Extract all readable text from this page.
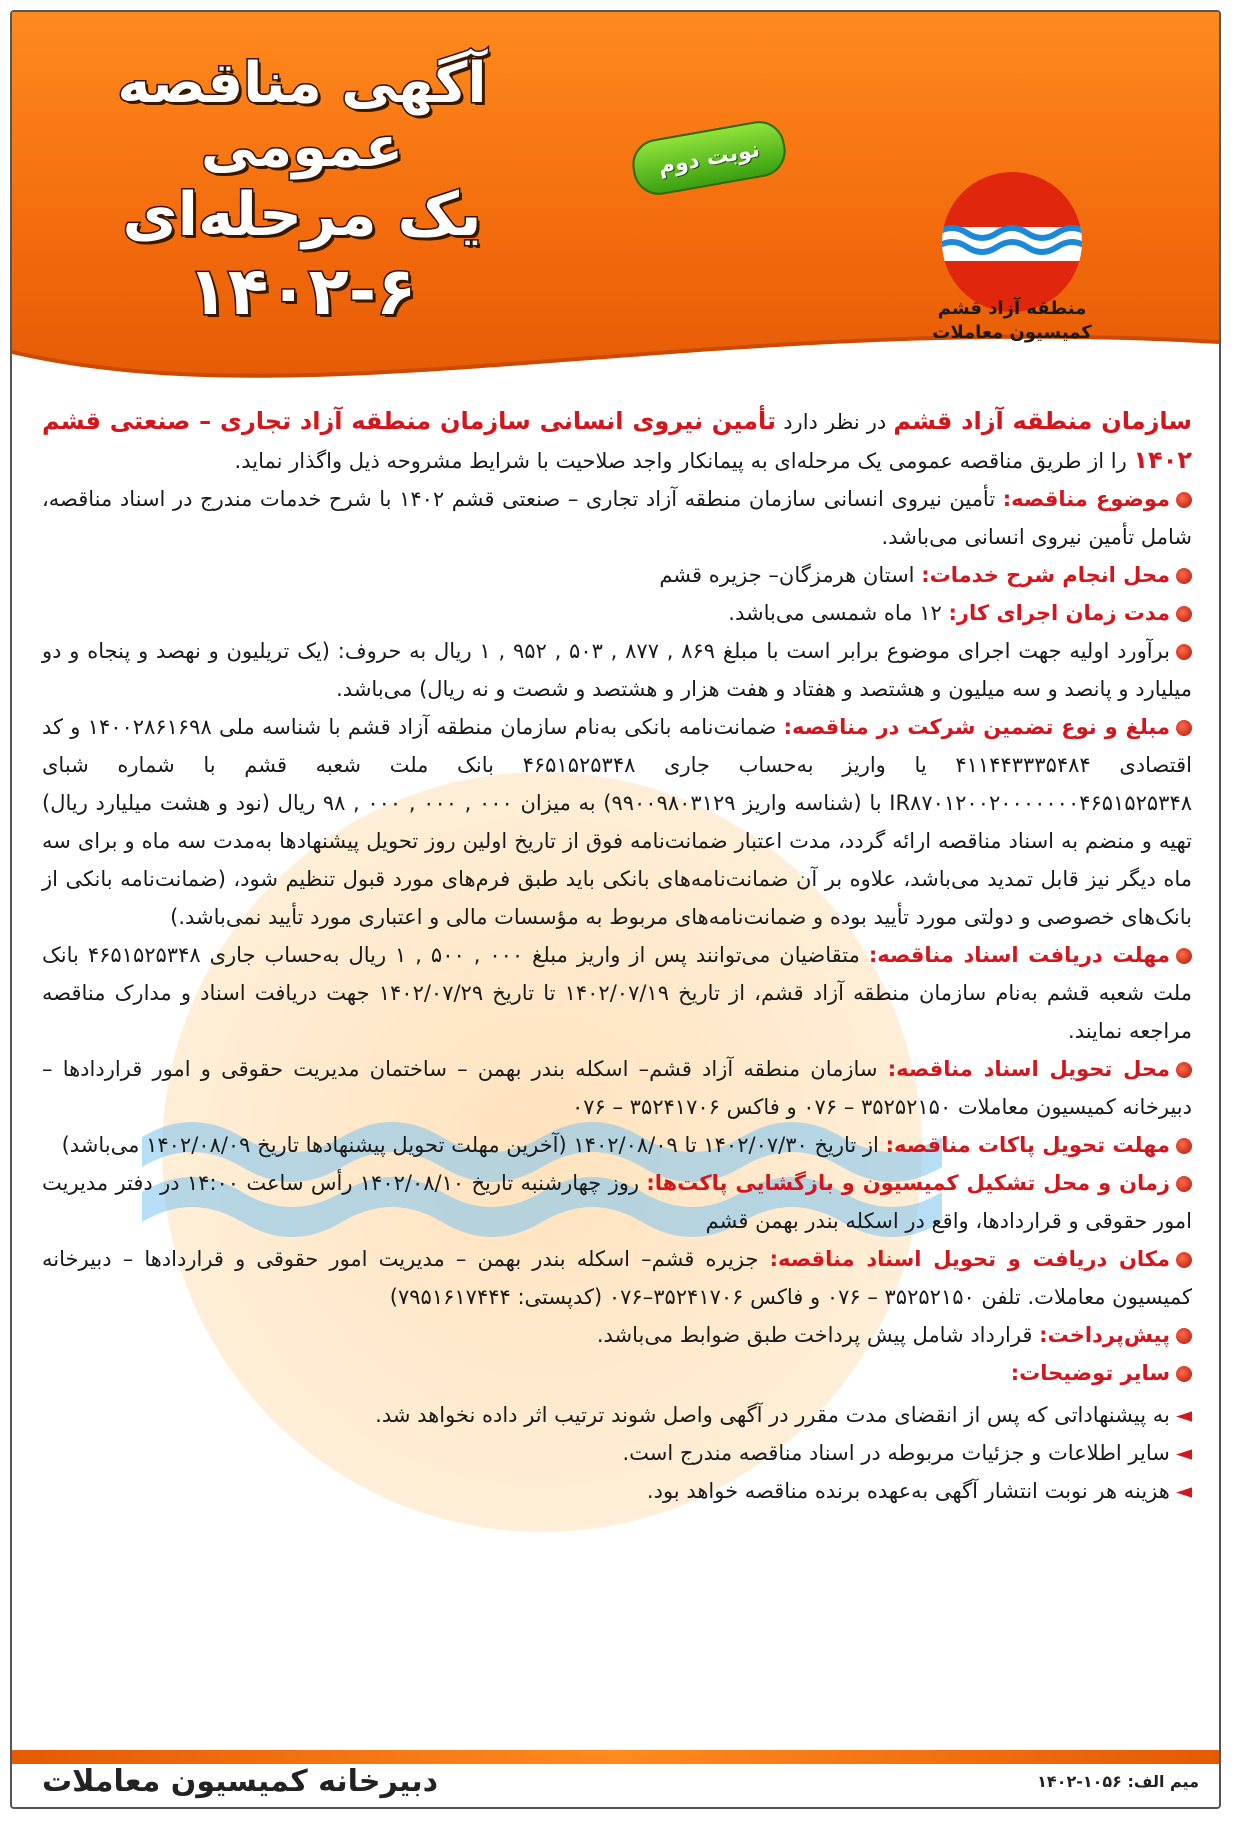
آگهی مناقصه عمومی
یک مرحله‌ای
۱۴۰۲-۶
نوبت دوم
منطقه آزاد قشم
کمیسیون معاملات

سازمان منطقه آزاد قشم در نظر دارد تأمین نیروی انسانی سازمان منطقه آزاد تجاری – صنعتی قشم ۱۴۰۲ را از طریق مناقصه عمومی یک مرحله‌ای به پیمانکار واجد صلاحیت با شرایط مشروحه ذیل واگذار نماید.

موضوع مناقصه: تأمین نیروی انسانی سازمان منطقه آزاد تجاری – صنعتی قشم ۱۴۰۲ با شرح خدمات مندرج در اسناد مناقصه، شامل تأمین نیروی انسانی می‌باشد.

محل انجام شرح خدمات: استان هرمزگان– جزیره قشم

مدت زمان اجرای کار: ۱۲ ماه شمسی می‌باشد.

برآورد اولیه جهت اجرای موضوع برابر است با مبلغ ۸۶۹ , ۸۷۷ , ۵۰۳ , ۹۵۲ , ۱ ریال به حروف: (یک تریلیون و نهصد و پنجاه و دو میلیارد و پانصد و سه میلیون و هشتصد و هفتاد و هفت هزار و هشتصد و شصت و نه ریال) می‌باشد.

مبلغ و نوع تضمین شرکت در مناقصه: ضمانت‌نامه بانکی به‌نام سازمان منطقه آزاد قشم با شناسه ملی ۱۴۰۰۲۸۶۱۶۹۸ و کد اقتصادی ۴۱۱۴۴۳۳۳۵۴۸۴ یا واریز به‌حساب جاری ۴۶۵۱۵۲۵۳۴۸ بانک ملت شعبه قشم با شماره شبای IR۸۷۰۱۲۰۰۲۰۰۰۰۰۰۰۴۶۵۱۵۲۵۳۴۸ با (شناسه واریز ۹۹۰۰۹۸۰۳۱۲۹) به میزان ۰۰۰ , ۰۰۰ , ۰۰۰ , ۹۸ ریال (نود و هشت میلیارد ریال) تهیه و منضم به اسناد مناقصه ارائه گردد، مدت اعتبار ضمانت‌نامه فوق از تاریخ اولین روز تحویل پیشنهادها به‌مدت سه ماه و برای سه ماه دیگر نیز قابل تمدید می‌باشد، علاوه بر آن ضمانت‌نامه‌های بانکی باید طبق فرم‌های مورد قبول تنظیم شود، (ضمانت‌نامه بانکی از بانک‌های خصوصی و دولتی مورد تأیید بوده و ضمانت‌نامه‌های مربوط به مؤسسات مالی و اعتباری مورد تأیید نمی‌باشد.)

مهلت دریافت اسناد مناقصه: متقاضیان می‌توانند پس از واریز مبلغ ۰۰۰ , ۵۰۰ , ۱ ریال به‌حساب جاری ۴۶۵۱۵۲۵۳۴۸ بانک ملت شعبه قشم به‌نام سازمان منطقه آزاد قشم، از تاریخ ۱۴۰۲/۰۷/۱۹ تا تاریخ ۱۴۰۲/۰۷/۲۹ جهت دریافت اسناد و مدارک مناقصه مراجعه نمایند.

محل تحویل اسناد مناقصه: سازمان منطقه آزاد قشم– اسکله بندر بهمن – ساختمان مدیریت حقوقی و امور قراردادها – دبیرخانه کمیسیون معاملات ۳۵۲۵۲۱۵۰ – ۰۷۶ و فاکس ۳۵۲۴۱۷۰۶ – ۰۷۶

مهلت تحویل پاکات مناقصه: از تاریخ ۱۴۰۲/۰۷/۳۰ تا ۱۴۰۲/۰۸/۰۹ (آخرین مهلت تحویل پیشنهادها تاریخ ۱۴۰۲/۰۸/۰۹ می‌باشد)

زمان و محل تشکیل کمیسیون و بازگشایی پاکت‌ها: روز چهارشنبه تاریخ ۱۴۰۲/۰۸/۱۰ رأس ساعت ۱۴:۰۰ در دفتر مدیریت امور حقوقی و قراردادها، واقع در اسکله بندر بهمن قشم

مکان دریافت و تحویل اسناد مناقصه: جزیره قشم– اسکله بندر بهمن – مدیریت امور حقوقی و قراردادها – دبیرخانه کمیسیون معاملات. تلفن ۳۵۲۵۲۱۵۰ – ۰۷۶ و فاکس ۳۵۲۴۱۷۰۶–۰۷۶ (کدپستی: ۷۹۵۱۶۱۷۴۴۴)

پیش‌پرداخت: قرارداد شامل پیش پرداخت طبق ضوابط می‌باشد.

سایر توضیحات:

◄به پیشنهاداتی که پس از انقضای مدت مقرر در آگهی واصل شوند ترتیب اثر داده نخواهد شد.

◄سایر اطلاعات و جزئیات مربوطه در اسناد مناقصه مندرج است.

◄هزینه هر نوبت انتشار آگهی به‌عهده برنده مناقصه خواهد بود.

میم الف: ۱۰۵۶-۱۴۰۲
دبیرخانه کمیسیون معاملات
